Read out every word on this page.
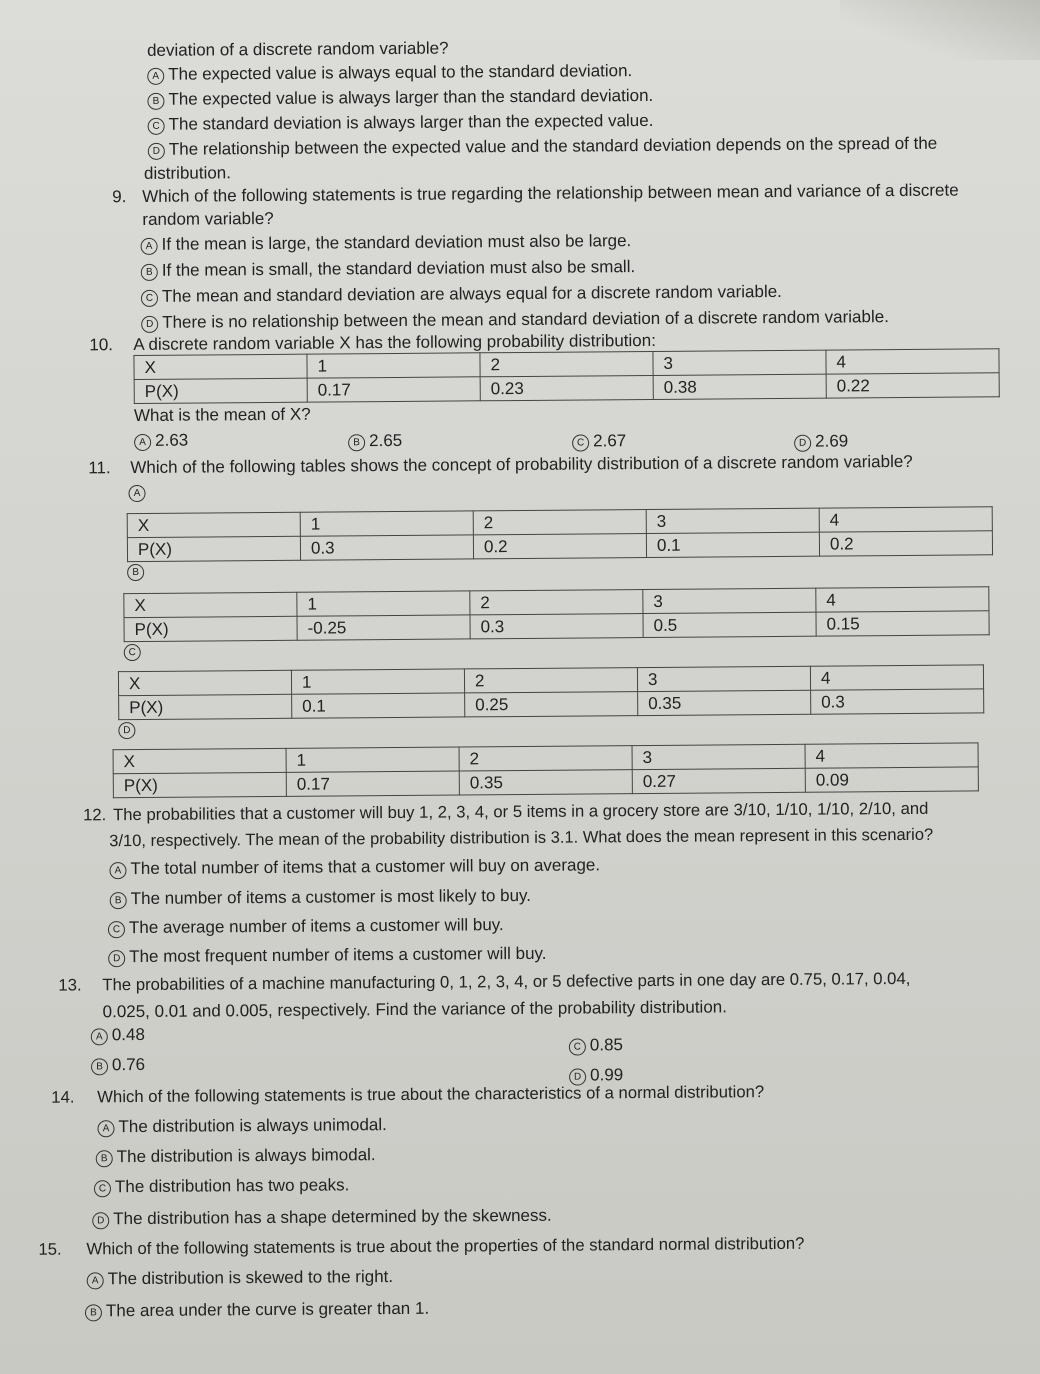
deviation of a discrete random variable?
A The expected value is always equal to the standard deviation.
B The expected value is always larger than the standard deviation.
C The standard deviation is always larger than the expected value.
D The relationship between the expected value and the standard deviation depends on the spread of the
distribution.
9. Which of the following statements is true regarding the relationship between mean and variance of a discrete
random variable?
A If the mean is large, the standard deviation must also be large.
B If the mean is small, the standard deviation must also be small.
C The mean and standard deviation are always equal for a discrete random variable.
D There is no relationship between the mean and standard deviation of a discrete random variable.
10. A discrete random variable X has the following probability distribution:
X	1	2	3	4
P(X)	0.17	0.23	0.38	0.22
What is the mean of X?
A 2.63	B 2.65	C 2.67	D 2.69
11. Which of the following tables shows the concept of probability distribution of a discrete random variable?
A
X	1	2	3	4
P(X)	0.3	0.2	0.1	0.2
B
X	1	2	3	4
P(X)	-0.25	0.3	0.5	0.15
C
X	1	2	3	4
P(X)	0.1	0.25	0.35	0.3
D
X	1	2	3	4
P(X)	0.17	0.35	0.27	0.09
12. The probabilities that a customer will buy 1, 2, 3, 4, or 5 items in a grocery store are 3/10, 1/10, 1/10, 2/10, and
3/10, respectively. The mean of the probability distribution is 3.1. What does the mean represent in this scenario?
A The total number of items that a customer will buy on average.
B The number of items a customer is most likely to buy.
C The average number of items a customer will buy.
D The most frequent number of items a customer will buy.
13. The probabilities of a machine manufacturing 0, 1, 2, 3, 4, or 5 defective parts in one day are 0.75, 0.17, 0.04,
0.025, 0.01 and 0.005, respectively. Find the variance of the probability distribution.
A 0.48
C 0.85
B 0.76
D 0.99
14. Which of the following statements is true about the characteristics of a normal distribution?
A The distribution is always unimodal.
B The distribution is always bimodal.
C The distribution has two peaks.
D The distribution has a shape determined by the skewness.
15. Which of the following statements is true about the properties of the standard normal distribution?
A The distribution is skewed to the right.
B The area under the curve is greater than 1.
